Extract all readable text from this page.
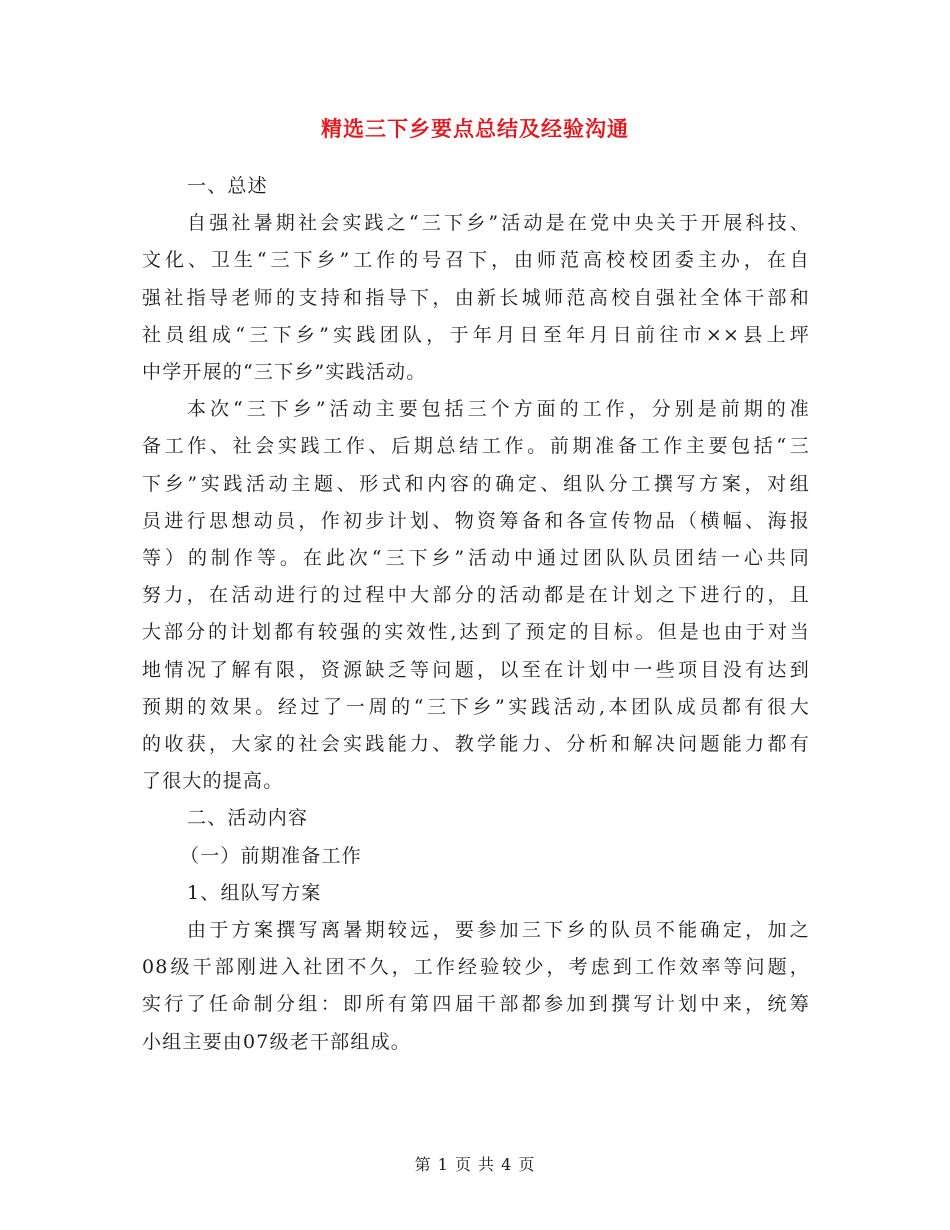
精选三下乡要点总结及经验沟通
一、总述
自强社暑期社会实践之“三下乡”活动是在党中央关于开展科技、
文化、卫生“三下乡”工作的号召下，由师范高校校团委主办，在自
强社指导老师的支持和指导下，由新长城师范高校自强社全体干部和
社员组成“三下乡”实践团队，于年月日至年月日前往市××县上坪
中学开展的“三下乡”实践活动。
本次“三下乡”活动主要包括三个方面的工作，分别是前期的准
备工作、社会实践工作、后期总结工作。前期准备工作主要包括“三
下乡”实践活动主题、形式和内容的确定、组队分工撰写方案，对组
员进行思想动员，作初步计划、物资筹备和各宣传物品（横幅、海报
等）的制作等。在此次“三下乡”活动中通过团队队员团结一心共同
努力，在活动进行的过程中大部分的活动都是在计划之下进行的，且
大部分的计划都有较强的实效性,达到了预定的目标。但是也由于对当
地情况了解有限，资源缺乏等问题，以至在计划中一些项目没有达到
预期的效果。经过了一周的“三下乡”实践活动,本团队成员都有很大
的收获，大家的社会实践能力、教学能力、分析和解决问题能力都有
了很大的提高。
二、活动内容
（一）前期准备工作
1、组队写方案
由于方案撰写离暑期较远，要参加三下乡的队员不能确定，加之
08级干部刚进入社团不久，工作经验较少，考虑到工作效率等问题，
实行了任命制分组：即所有第四届干部都参加到撰写计划中来，统筹
小组主要由07级老干部组成。
第 1 页 共 4 页
